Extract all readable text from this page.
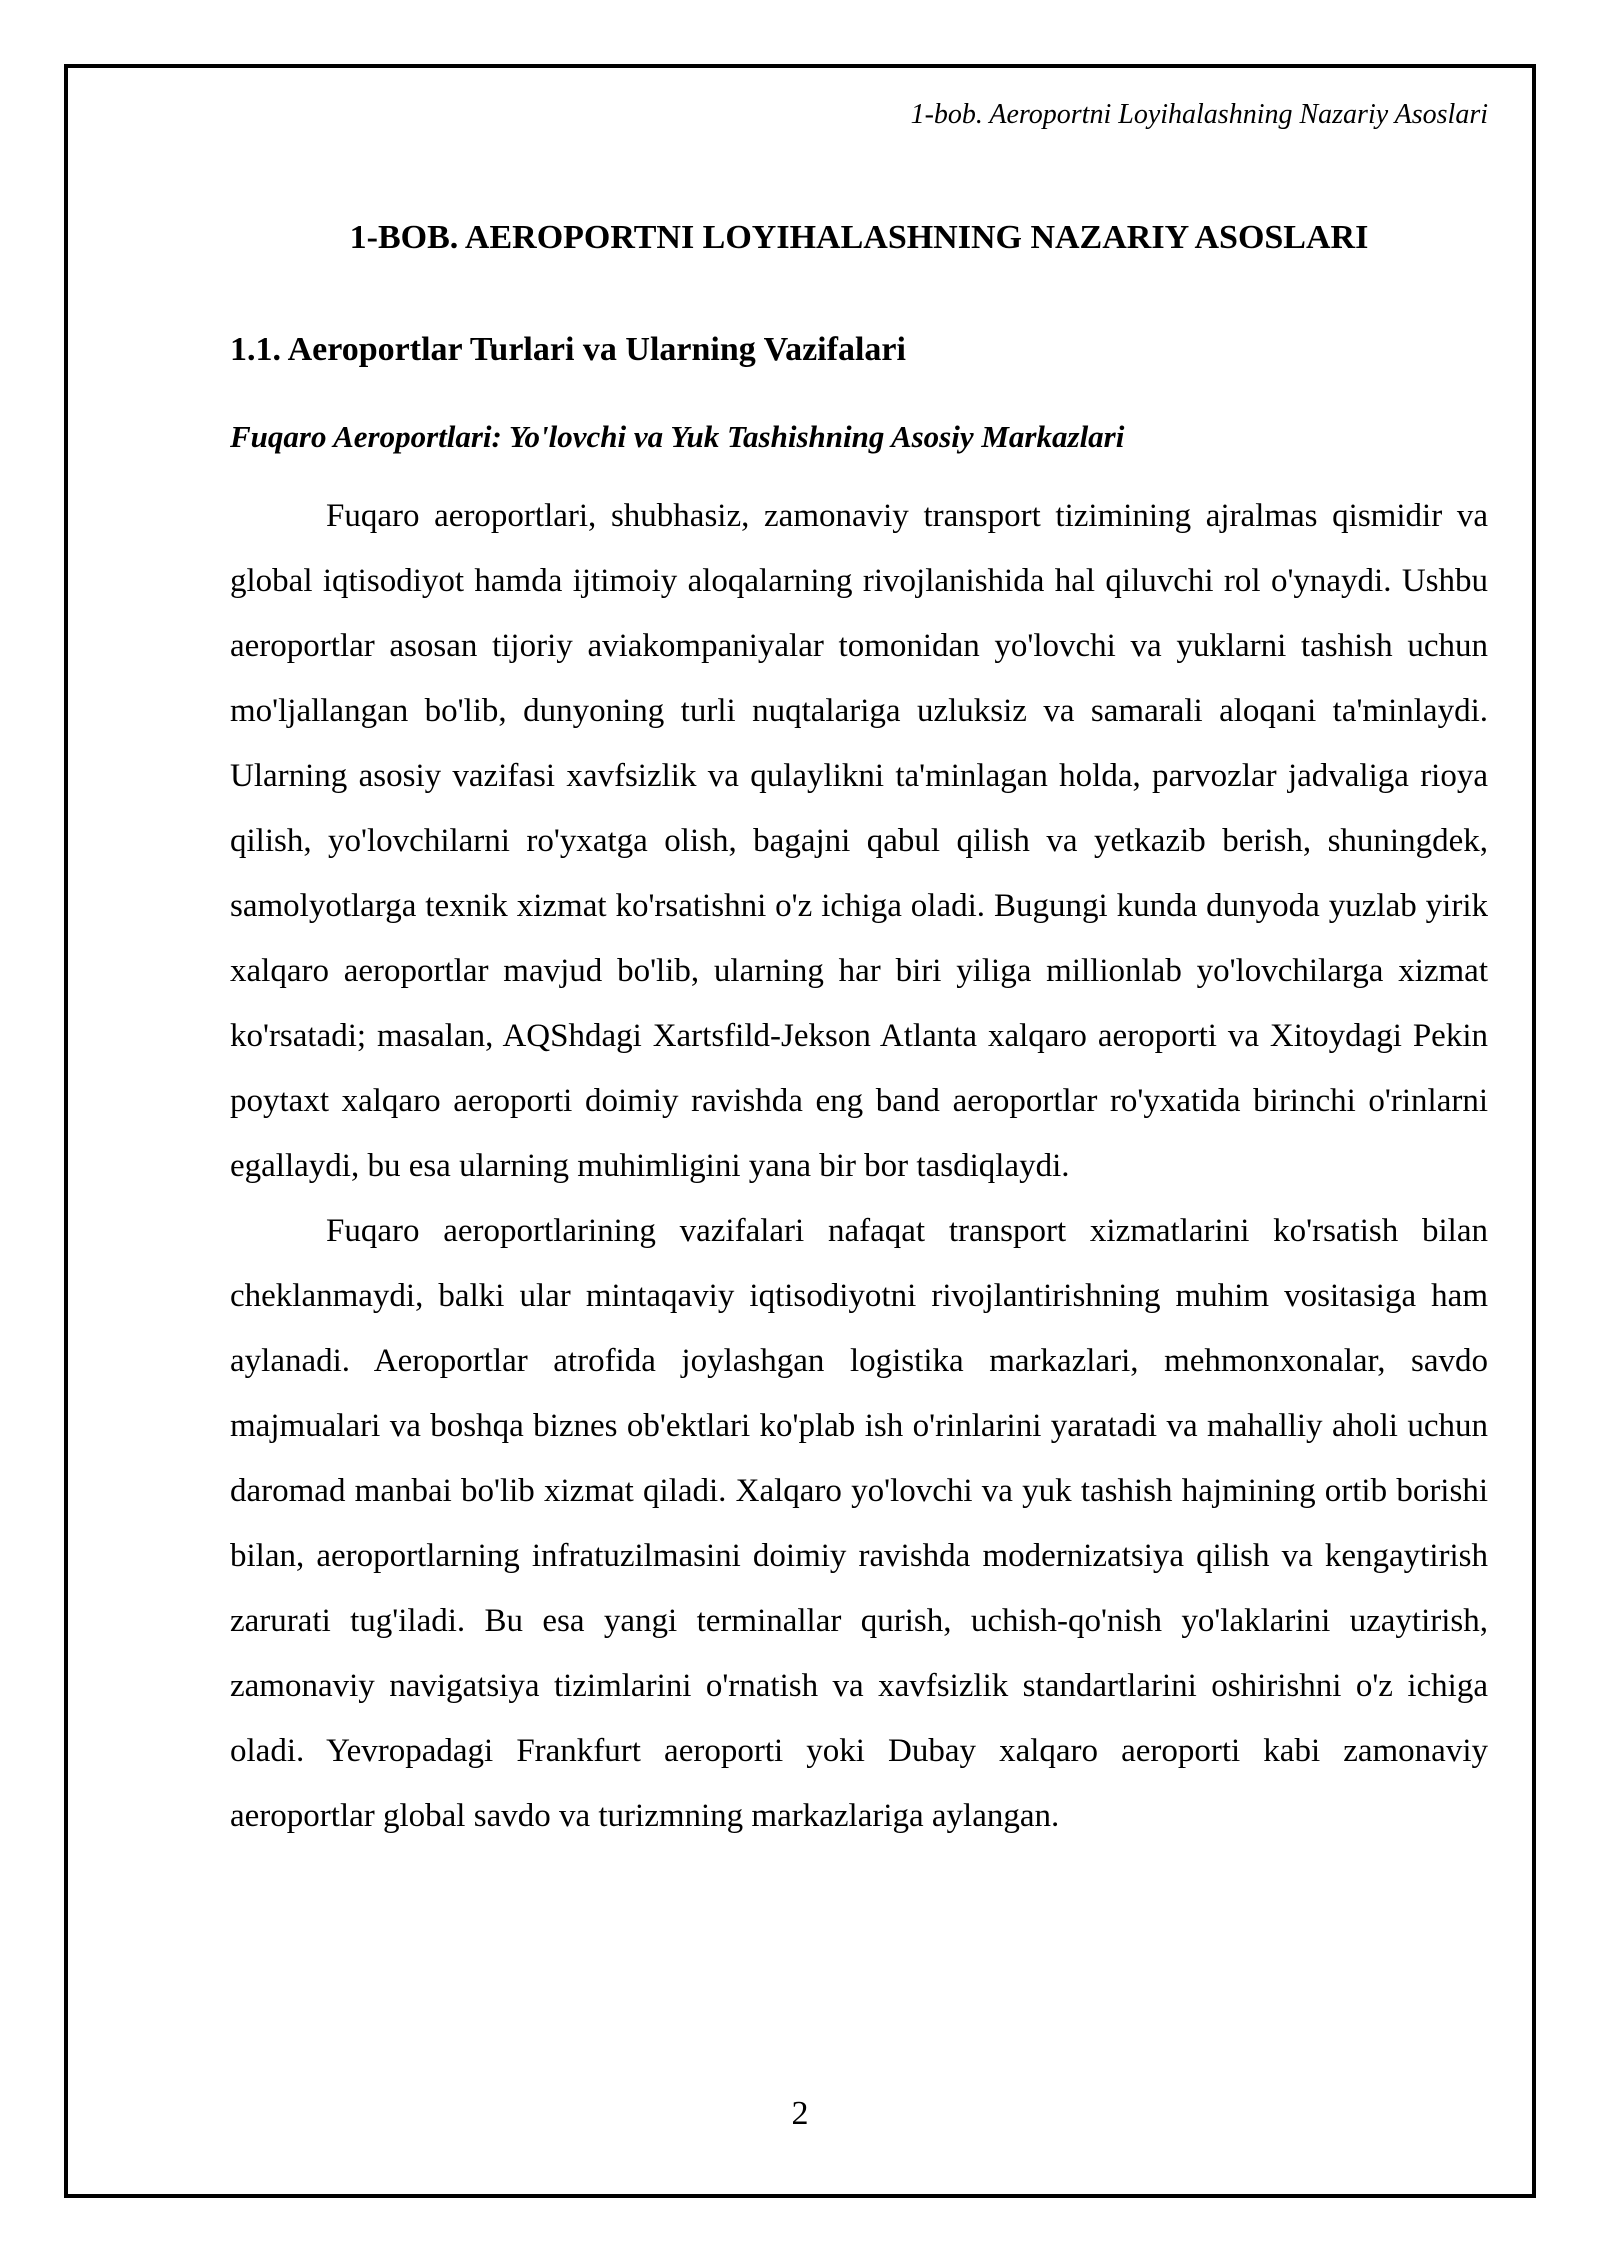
1-bob. Aeroportni Loyihalashning Nazariy Asoslari
1-BOB. AEROPORTNI LOYIHALASHNING NAZARIY ASOSLARI
1.1. Aeroportlar Turlari va Ularning Vazifalari
Fuqaro Aeroportlari: Yo'lovchi va Yuk Tashishning Asosiy Markazlari

Fuqaro aeroportlari, shubhasiz, zamonaviy transport tizimining ajralmas qismidir va global iqtisodiyot hamda ijtimoiy aloqalarning rivojlanishida hal qiluvchi rol o'ynaydi. Ushbu aeroportlar asosan tijoriy aviakompaniyalar tomonidan yo'lovchi va yuklarni tashish uchun mo'ljallangan bo'lib, dunyoning turli nuqtalariga uzluksiz va samarali aloqani ta'minlaydi. Ularning asosiy vazifasi xavfsizlik va qulaylikni ta'minlagan holda, parvozlar jadvaliga rioya qilish, yo'lovchilarni ro'yxatga olish, bagajni qabul qilish va yetkazib berish, shuningdek, samolyotlarga texnik xizmat ko'rsatishni o'z ichiga oladi. Bugungi kunda dunyoda yuzlab yirik xalqaro aeroportlar mavjud bo'lib, ularning har biri yiliga millionlab yo'lovchilarga xizmat ko'rsatadi; masalan, AQShdagi Xartsfild-Jekson Atlanta xalqaro aeroporti va Xitoydagi Pekin poytaxt xalqaro aeroporti doimiy ravishda eng band aeroportlar ro'yxatida birinchi o'rinlarni egallaydi, bu esa ularning muhimligini yana bir bor tasdiqlaydi.

Fuqaro aeroportlarining vazifalari nafaqat transport xizmatlarini ko'rsatish bilan cheklanmaydi, balki ular mintaqaviy iqtisodiyotni rivojlantirishning muhim vositasiga ham aylanadi. Aeroportlar atrofida joylashgan logistika markazlari, mehmonxonalar, savdo majmualari va boshqa biznes ob'ektlari ko'plab ish o'rinlarini yaratadi va mahalliy aholi uchun daromad manbai bo'lib xizmat qiladi. Xalqaro yo'lovchi va yuk tashish hajmining ortib borishi bilan, aeroportlarning infratuzilmasini doimiy ravishda modernizatsiya qilish va kengaytirish zarurati tug'iladi. Bu esa yangi terminallar qurish, uchish-qo'nish yo'laklarini uzaytirish, zamonaviy navigatsiya tizimlarini o'rnatish va xavfsizlik standartlarini oshirishni o'z ichiga oladi. Yevropadagi Frankfurt aeroporti yoki Dubay xalqaro aeroporti kabi zamonaviy aeroportlar global savdo va turizmning markazlariga aylangan.

2
